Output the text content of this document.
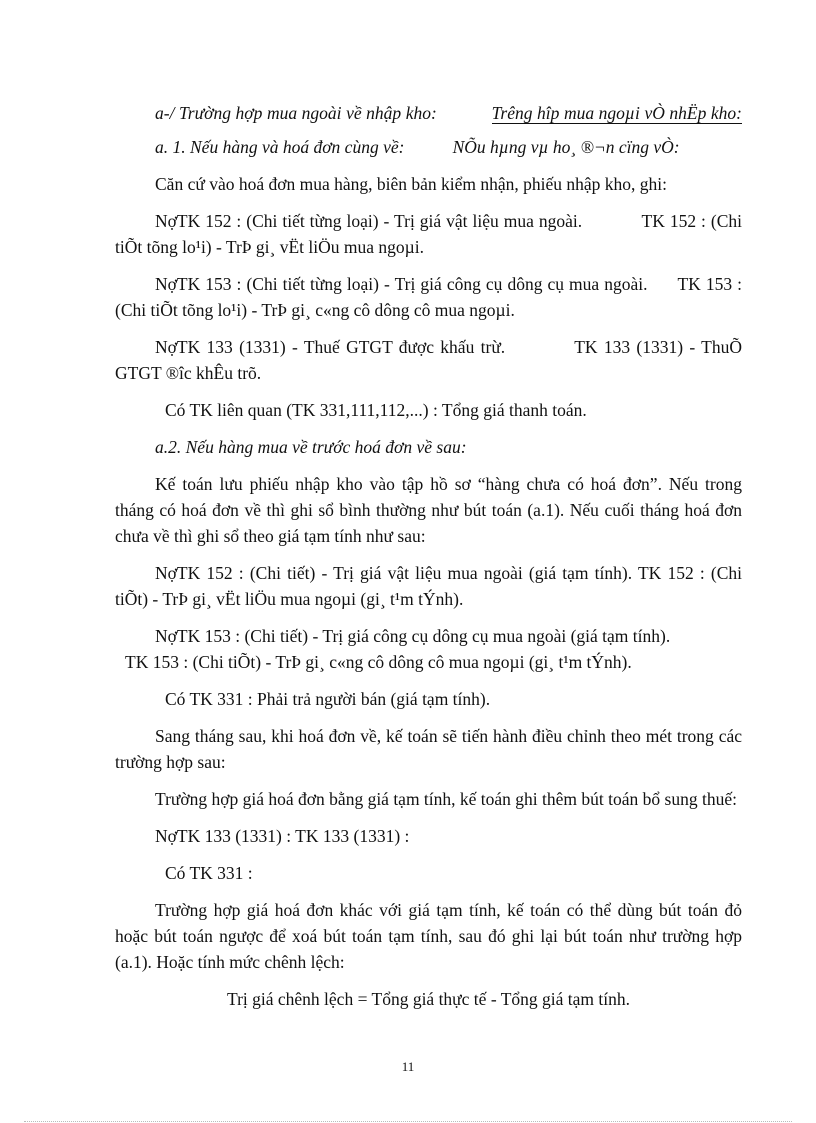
a-/ Trường hợp mua ngoài về nhập kho:	Trêng hîp mua ngoµi vÒ nhËp kho:

a. 1. Nếu hàng và hoá đơn cùng về:	NÕu hµng vµ ho¸ ®¬n cïng vÒ:

Căn cứ vào hoá đơn mua hàng, biên bản kiểm nhận, phiếu nhập kho, ghi:

NợTK 152 : (Chi tiết từng loại) - Trị giá vật liệu mua ngoài.	TK 152 : (Chi tiÕt tõng lo¹i) - TrÞ gi¸ vËt liÖu mua ngoµi.

NợTK 153 : (Chi tiết từng loại) - Trị giá công cụ dông cụ mua ngoài. TK 153 : (Chi tiÕt tõng lo¹i) - TrÞ gi¸ c«ng cô dông cô mua ngoµi.

NợTK 133 (1331) - Thuế GTGT được khấu trừ.	TK 133 (1331) - ThuÕ GTGT ®îc khÊu trõ.

Có TK liên quan (TK 331,111,112,...) : Tổng giá thanh toán.

a.2. Nếu hàng mua về trước hoá đơn về sau:

Kế toán lưu phiếu nhập kho vào tập hồ sơ “hàng chưa có hoá đơn”. Nếu trong tháng có hoá đơn về thì ghi sổ bình thường như bút toán (a.1). Nếu cuối tháng hoá đơn chưa về thì ghi sổ theo giá tạm tính như sau:

NợTK 152 : (Chi tiết) - Trị giá vật liệu mua ngoài (giá tạm tính). TK 152 : (Chi tiÕt) - TrÞ gi¸ vËt liÖu mua ngoµi (gi¸ t¹m tÝnh).

NợTK 153 : (Chi tiết) - Trị giá công cụ dông cụ mua ngoài (giá tạm tính).
TK 153 : (Chi tiÕt) - TrÞ gi¸ c«ng cô dông cô mua ngoµi (gi¸ t¹m tÝnh).

Có TK 331 : Phải trả người bán (giá tạm tính).

Sang tháng sau, khi hoá đơn về, kế toán sẽ tiến hành điều chỉnh theo mét trong các trường hợp sau:

Trường hợp giá hoá đơn bằng giá tạm tính, kế toán ghi thêm bút toán bổ sung thuế:

NợTK 133 (1331) : TK 133 (1331) :

Có TK 331 :

Trường hợp giá hoá đơn khác với giá tạm tính, kế toán có thể dùng bút toán đỏ hoặc bút toán ngược để xoá bút toán tạm tính, sau đó ghi lại bút toán như trường hợp (a.1). Hoặc tính mức chênh lệch:

Trị giá chênh lệch = Tổng giá thực tế - Tổng giá tạm tính.

11
